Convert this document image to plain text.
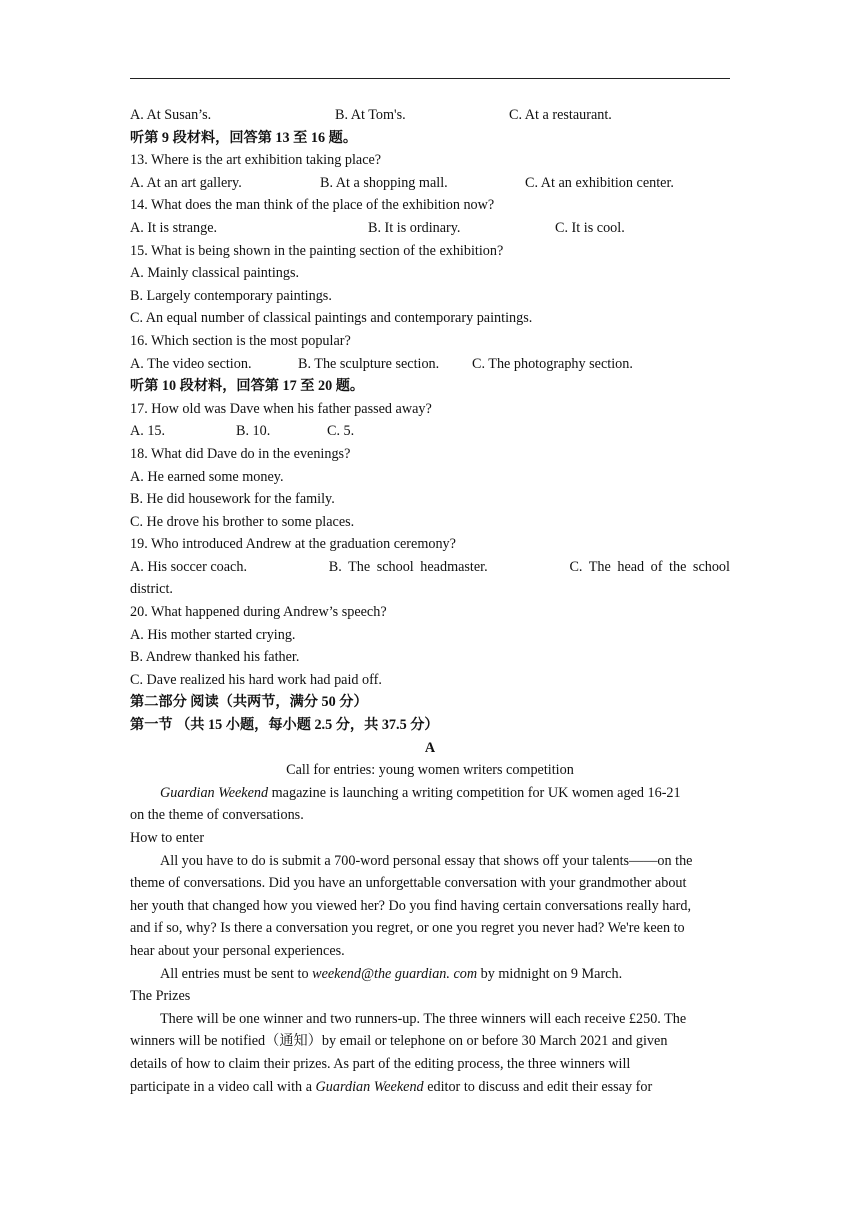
A. At Susan’s.	B. At Tom's.	C. At a restaurant.
听第 9 段材料，回答第 13 至 16 题。
13. Where is the art exhibition taking place?
A. At an art gallery.	B. At a shopping mall.	C. At an exhibition center.
14. What does the man think of the place of the exhibition now?
A. It is strange.	B. It is ordinary.	C. It is cool.
15. What is being shown in the painting section of the exhibition?
A. Mainly classical paintings.
B. Largely contemporary paintings.
C. An equal number of classical paintings and contemporary paintings.
16. Which section is the most popular?
A. The video section.	B. The sculpture section.	C. The photography section.
听第 10 段材料，回答第 17 至 20 题。
17. How old was Dave when his father passed away?
A. 15.	B. 10.	C. 5.
18. What did Dave do in the evenings?
A. He earned some money.
B. He did housework for the family.
C. He drove his brother to some places.
19. Who introduced Andrew at the graduation ceremony?
A. His soccer coach.	B. The school headmaster.	C. The head of the school
district.
20. What happened during Andrew’s speech?
A. His mother started crying.
B. Andrew thanked his father.
C. Dave realized his hard work had paid off.
第二部分 阅读（共两节，满分 50 分）
第一节 （共 15 小题，每小题 2.5 分，共 37.5 分）
A
Call for entries: young women writers competition
Guardian Weekend magazine is launching a writing competition for UK women aged 16-21
on the theme of conversations.
How to enter
All you have to do is submit a 700-word personal essay that shows off your talents——on the
theme of conversations. Did you have an unforgettable conversation with your grandmother about
her youth that changed how you viewed her? Do you find having certain conversations really hard,
and if so, why? Is there a conversation you regret, or one you regret you never had? We're keen to
hear about your personal experiences.
All entries must be sent to weekend@the guardian. com by midnight on 9 March.
The Prizes
There will be one winner and two runners-up. The three winners will each receive £250. The
winners will be notified（通知）by email or telephone on or before 30 March 2021 and given
details of how to claim their prizes. As part of the editing process, the three winners will
participate in a video call with a Guardian Weekend editor to discuss and edit their essay for
